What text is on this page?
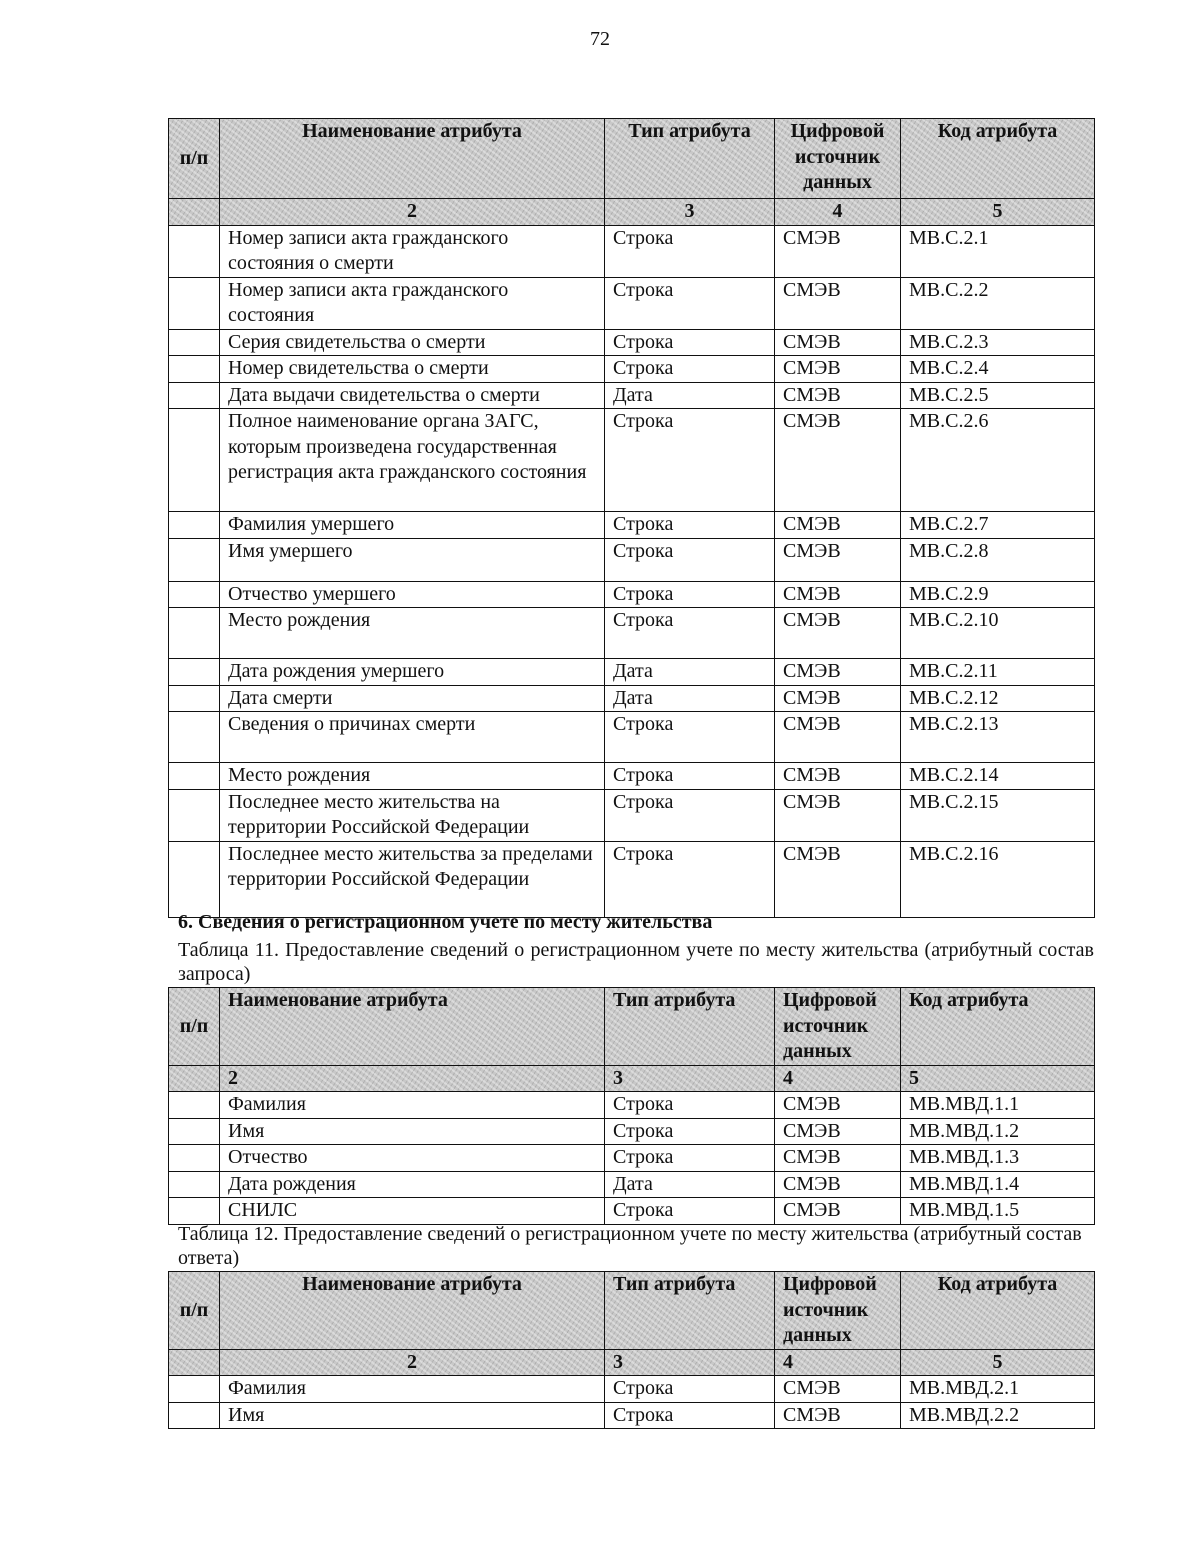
72
п/п	Наименование атрибута	Тип атрибута	Цифровой источник данных	Код атрибута
	2	3	4	5
	Номер записи акта гражданского состояния о смерти	Строка	СМЭВ	МВ.С.2.1
	Номер записи акта гражданского состояния	Строка	СМЭВ	МВ.С.2.2
	Серия свидетельства о смерти	Строка	СМЭВ	МВ.С.2.3
	Номер свидетельства о смерти	Строка	СМЭВ	МВ.С.2.4
	Дата выдачи свидетельства о смерти	Дата	СМЭВ	МВ.С.2.5
	Полное наименование органа ЗАГС, которым произведена государственная регистрация акта гражданского состояния	Строка	СМЭВ	МВ.С.2.6
	Фамилия умершего	Строка	СМЭВ	МВ.С.2.7
	Имя умершего	Строка	СМЭВ	МВ.С.2.8
	Отчество умершего	Строка	СМЭВ	МВ.С.2.9
	Место рождения	Строка	СМЭВ	МВ.С.2.10
	Дата рождения умершего	Дата	СМЭВ	МВ.С.2.11
	Дата смерти	Дата	СМЭВ	МВ.С.2.12
	Сведения о причинах смерти	Строка	СМЭВ	МВ.С.2.13
	Место рождения	Строка	СМЭВ	МВ.С.2.14
	Последнее место жительства на территории Российской Федерации	Строка	СМЭВ	МВ.С.2.15
	Последнее место жительства за пределами территории Российской Федерации	Строка	СМЭВ	МВ.С.2.16
6. Сведения о регистрационном учете по месту жительства
Таблица 11. Предоставление сведений о регистрационном учете по месту жительства (атрибутный состав запроса)
п/п	Наименование атрибута	Тип атрибута	Цифровой источник данных	Код атрибута
	2	3	4	5
	Фамилия	Строка	СМЭВ	МВ.МВД.1.1
	Имя	Строка	СМЭВ	МВ.МВД.1.2
	Отчество	Строка	СМЭВ	МВ.МВД.1.3
	Дата рождения	Дата	СМЭВ	МВ.МВД.1.4
	СНИЛС	Строка	СМЭВ	МВ.МВД.1.5
Таблица 12. Предоставление сведений о регистрационном учете по месту жительства (атрибутный состав ответа)
п/п	Наименование атрибута	Тип атрибута	Цифровой источник данных	Код атрибута
	2	3	4	5
	Фамилия	Строка	СМЭВ	МВ.МВД.2.1
	Имя	Строка	СМЭВ	МВ.МВД.2.2
